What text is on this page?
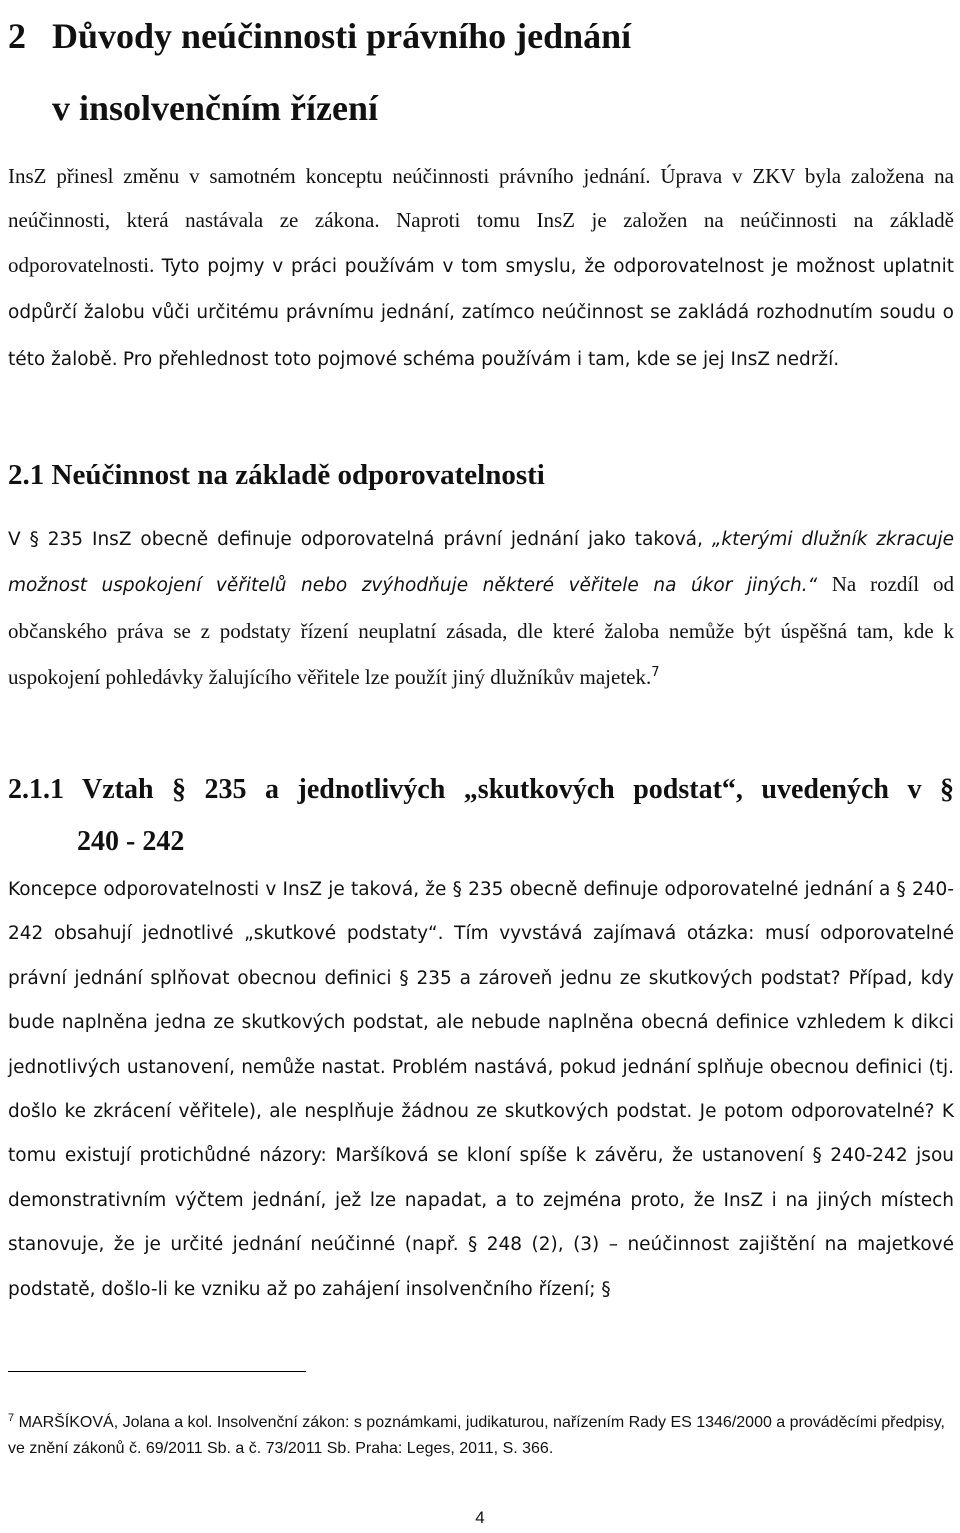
2 Důvody neúčinnosti právního jednání
v insolvenčním řízení

InsZ přinesl změnu v samotném konceptu neúčinnosti právního jednání. Úprava v ZKV byla založena na neúčinnosti, která nastávala ze zákona. Naproti tomu InsZ je založen na neúčinnosti na základě odporovatelnosti. Tyto pojmy v práci používám v tom smyslu, že odporovatelnost je možnost uplatnit odpůrčí žalobu vůči určitému právnímu jednání, zatímco neúčinnost se zakládá rozhodnutím soudu o této žalobě. Pro přehlednost toto pojmové schéma používám i tam, kde se jej InsZ nedrží.

2.1 Neúčinnost na základě odporovatelnosti

V § 235 InsZ obecně definuje odporovatelná právní jednání jako taková, „kterými dlužník zkracuje možnost uspokojení věřitelů nebo zvýhodňuje některé věřitele na úkor jiných.“ Na rozdíl od občanského práva se z podstaty řízení neuplatní zásada, dle které žaloba nemůže být úspěšná tam, kde k uspokojení pohledávky žalujícího věřitele lze použít jiný dlužníkův majetek.$^7$

2.1.1 Vztah § 235 a jednotlivých „skutkových podstat“, uvedených v §
240 - 242

Koncepce odporovatelnosti v InsZ je taková, že § 235 obecně definuje odporovatelné jednání a § 240-242 obsahují jednotlivé „skutkové podstaty“. Tím vyvstává zajímavá otázka: musí odporovatelné právní jednání splňovat obecnou definici § 235 a zároveň jednu ze skutkových podstat? Případ, kdy bude naplněna jedna ze skutkových podstat, ale nebude naplněna obecná definice vzhledem k dikci jednotlivých ustanovení, nemůže nastat. Problém nastává, pokud jednání splňuje obecnou definici (tj. došlo ke zkrácení věřitele), ale nesplňuje žádnou ze skutkových podstat. Je potom odporovatelné? K tomu existují protichůdné názory: Maršíková se kloní spíše k závěru, že ustanovení § 240-242 jsou demonstrativním výčtem jednání, jež lze napadat, a to zejména proto, že InsZ i na jiných místech stanovuje, že je určité jednání neúčinné (např. § 248 (2), (3) – neúčinnost zajištění na majetkové podstatě, došlo-li ke vzniku až po zahájení insolvenčního řízení; §

$^7$ MARŠÍKOVÁ, Jolana a kol. Insolvenční zákon: s poznámkami, judikaturou, nařízením Rady ES 1346/2000 a prováděcími předpisy, ve znění zákonů č. 69/2011 Sb. a č. 73/2011 Sb. Praha: Leges, 2011, S. 366.

4
